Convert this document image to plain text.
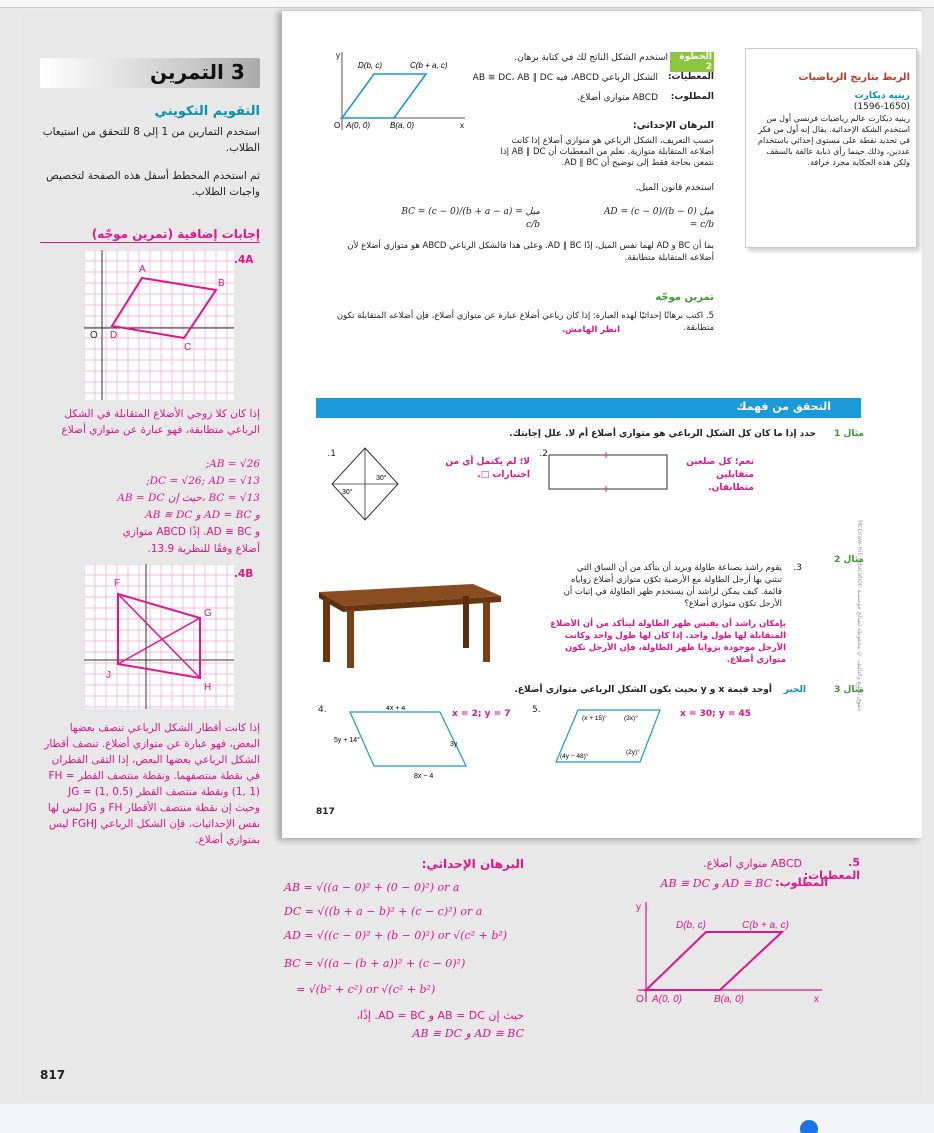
3 التمرين
التقويم التكويني
استخدم التمارين من 1 إلى 8 للتحقق من استيعاب الطلاب.
ثم استخدم المخطط أسفل هذه الصفحة لتخصيص واجبات الطلاب.
إجابات إضافية (تمرين موجّه)
4A.
A
B
C
D
O
إذا كان كلا زوجي الأضلاع المتقابلة في الشكل الرباعي متطابقة، فهو عبارة عن متوازي أضلاع
AB = √26;
DC = √26; AD = √13;
BC = √13 ،حيث إن AB = DC
و AD = BC و AB ≅ DC
و AD ≅ BC. إذًا ABCD متوازي
أضلاع وفقًا للنظرية 13.9.
4B.
F
G
H
J
إذا كانت أقطار الشكل الرباعي تنصف بعضها البعض، فهو عبارة عن متوازي أضلاع. تنصف أقطار الشكل الرباعي بعضها البعض، إذا التقى القطران في نقطة منتصفهما. ونقطة منتصف القطر FH = (1, 1) ونقطة منتصف القطر JG = (1, 0.5) وحيث إن نقطة منتصف الأقطار FH و JG ليس لها نفس الإحداثيات، فإن الشكل الرباعي FGHJ ليس بمتوازي أضلاع.
817
D(b, c)	C(b + a, c)
O A(0, 0) B(a, 0)
y
x
الخطوة 2
استخدم الشكل الناتج لك في كتابة برهان.
المعطيات:
الشكل الرباعي ABCD، فيه AB ≅ DC، AB ∥ DC
المطلوب:
ABCD متوازي أضلاع.
البرهان الإحداثي:
حسب التعريف، الشكل الرباعي هو متوازي أضلاع إذا كانت أضلاعه المتقابلة متوازية. نعلم من المعطيات أن AB ∥ DC إذا نتمعن بحاجة فقط إلى توضيح أن AD ∥ BC.
استخدم قانون الميل.
ميل AD = (c − 0)/(b − 0) = c/b
ميل BC = (c − 0)/(b + a − a) = c/b
بما أن BC و AD لهما نفس الميل، إذًا AD ∥ BC. وعلى هذا فالشكل الرباعي ABCD هو متوازي أضلاع لأن أضلاعه المتقابلة متطابقة.
تمرين موجّه
5. اكتب برهانًا إحداثيًا لهذه العبارة: إذا كان رباعي أضلاع عبارة عن متوازي أضلاع، فإن أضلاعه المتقابلة تكون متطابقة.
انظر الهامش.
الربط بتاريخ الرياضيات
رينيه ديكارت
(1596-1650)
رينيه ديكارت عالم رياضيات فرنسي أول من استخدم الشكة الإحداثية. يقال إنه أول من فكر في تحديد نقطة على مستوى إحداثي باستخدام عددين، وذلك حينما رأى ذبابة عالقة بالسقف ولكن هذه الحكاية مجرد خرافة.
التحقق من فهمك
مثال 1
حدد إذا ما كان كل الشكل الرباعي هو متوازي أضلاع أم لا. علل إجابتك.
1.
30°
30°
2.
لا؛ لم يكتمل أي من اختبارات □.
نعم؛ كل ضلعين متقابلين متطابقان.
مثال 2
يقوم راشد بصناعة طاولة ويريد أن يتأكد من أن الساق التي تنثني بها أرجل الطاولة مع الأرضية تكوّن متوازي أضلاع زواياه قائمة. كيف يمكن لراشد أن يستخدم ظهر الطاولة في إثبات أن الأرجل تكوّن متوازي أضلاع؟
3.
بإمكان راشد أن يقيس ظهر الطاولة ليتأكد من أن الأضلاع المتقابلة لها طول واحد. إذا كان لها طول واحد وكانت الأرجل موجودة بزوايا ظهر الطاولة، فإن الأرجل تكون متوازي أضلاع.
مثال 3
أوجد قيمة x و y بحيث يكون الشكل الرباعي متوازي أضلاع.	الجبر
4.	4x + 4
5y + 14°
3y
8x − 4
x = 2; y = 7	5.
(x + 15)°	(3x)°
(4y − 48)°
(2y)°
x = 30; y = 45
817
McGraw-Hill Education حقوق الطبع والتأليف © محفوظة لصالح مؤسسة
5. المعطيات:
ABCD متوازي أضلاع.
AD ≅ BC و AB ≅ DC المطلوب:
D(b, c)	C(b + a, c)
O A(0, 0)	B(a, 0)
y
x
البرهان الإحداثي:
AB = √((a − 0)² + (0 − 0)²) or a
DC = √((b + a − b)² + (c − c)²) or a
AD = √((c − 0)² + (b − 0)²) or √(c² + b²)
BC = √((a − (b + a))² + (c − 0)²)
= √(b² + c²) or √(c² + b²)
حيث إن AB = DC و AD = BC. إذًا،
AD ≅ BC و AB ≅ DC
